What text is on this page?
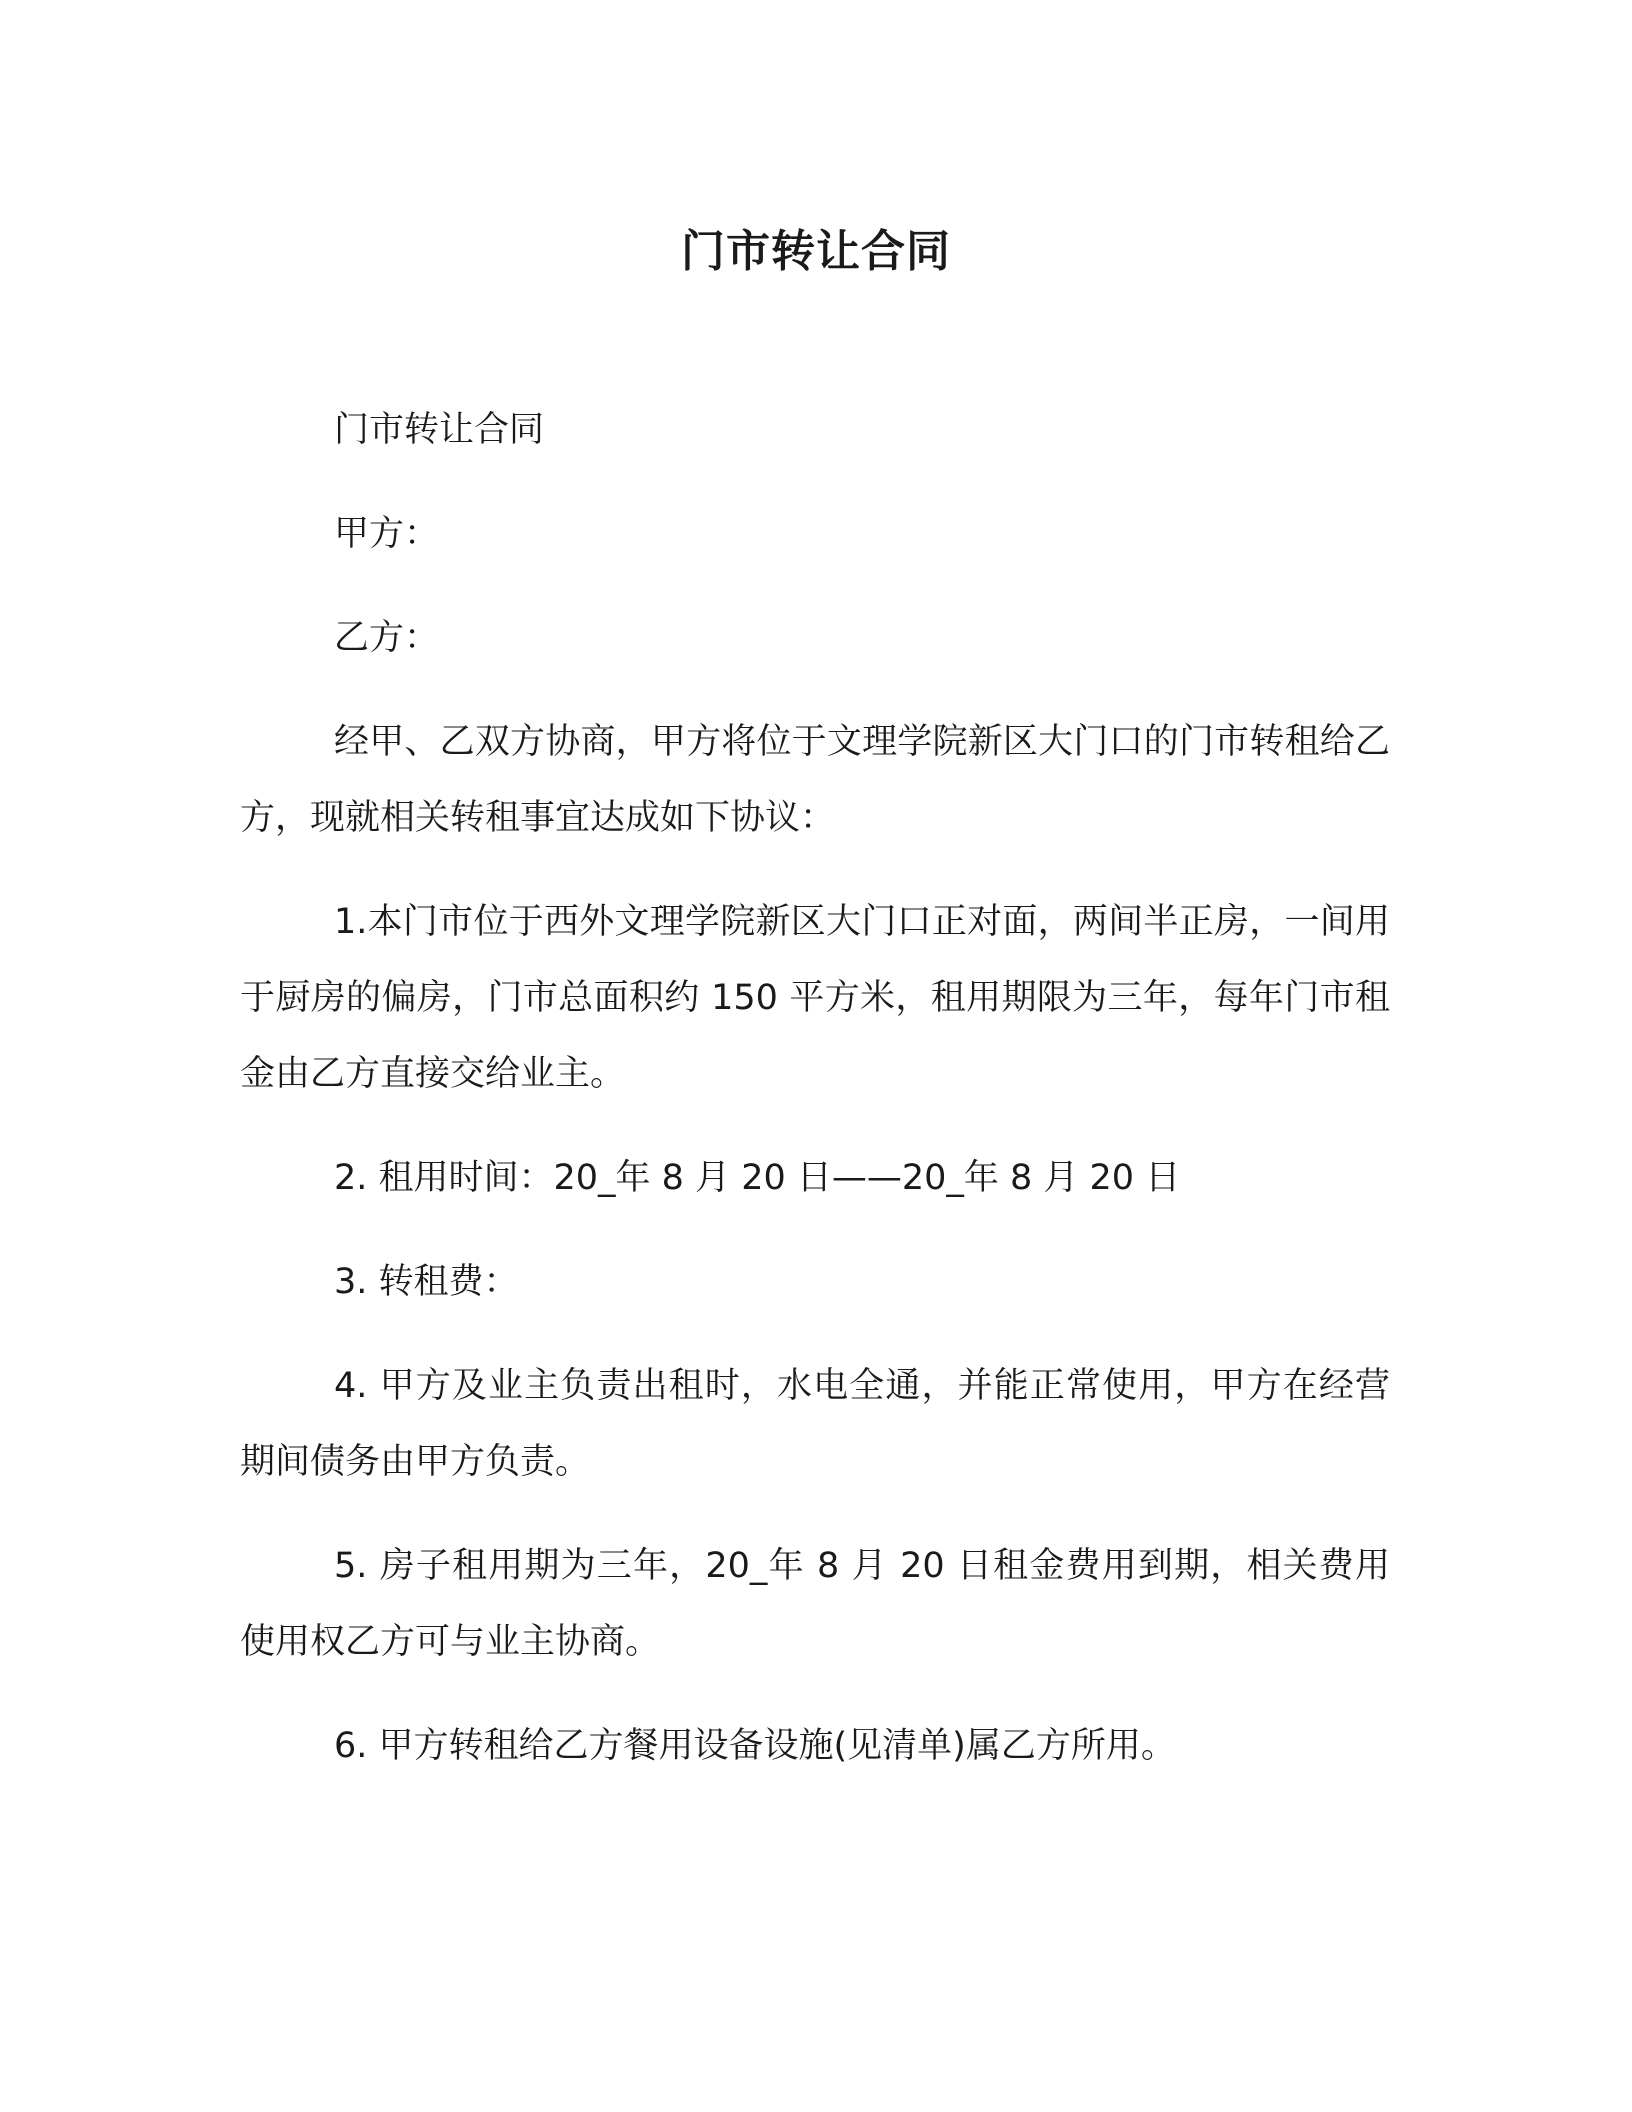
门市转让合同

门市转让合同

甲方：

乙方：

经甲、乙双方协商，甲方将位于文理学院新区大门口的门市转租给乙方，现就相关转租事宜达成如下协议：

1.本门市位于西外文理学院新区大门口正对面，两间半正房，一间用于厨房的偏房，门市总面积约 150 平方米，租用期限为三年，每年门市租金由乙方直接交给业主。

2. 租用时间：20_年 8 月 20 日——20_年 8 月 20 日

3. 转租费：

4. 甲方及业主负责出租时，水电全通，并能正常使用，甲方在经营期间债务由甲方负责。

5. 房子租用期为三年，20_年 8 月 20 日租金费用到期，相关费用使用权乙方可与业主协商。

6. 甲方转租给乙方餐用设备设施(见清单)属乙方所用。
